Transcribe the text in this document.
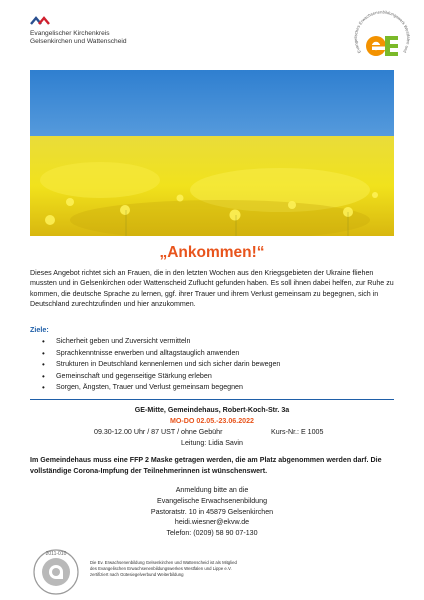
Evangelischer Kirchenkreis
Gelsenkirchen und Wattenscheid
Evangelisches Erwachsenenbildungswerk Westfalen und
„Ankommen!“
Dieses Angebot richtet sich an Frauen, die in den letzten Wochen aus den Kriegsgebieten der Ukraine fliehen mussten und in Gelsenkirchen oder Wattenscheid Zuflucht gefunden haben. Es soll ihnen dabei helfen, zur Ruhe zu kommen, die deutsche Sprache zu lernen, ggf. ihrer Trauer und ihrem Verlust gemeinsam zu begegnen, sich in Deutschland zurechtzufinden und hier anzukommen.
Ziele:
• Sicherheit geben und Zuversicht vermitteln
• Sprachkenntnisse erwerben und alltagstauglich anwenden
• Strukturen in Deutschland kennenlernen und sich sicher darin bewegen
• Gemeinschaft und gegenseitige Stärkung erleben
• Sorgen, Ängsten, Trauer und Verlust gemeinsam begegnen
GE-Mitte, Gemeindehaus, Robert-Koch-Str. 3a
MO-DO 02.05.-23.06.2022
09.30-12.00 Uhr / 87 UST / ohne Gebühr	Kurs-Nr.: E 1005
Leitung: Lidia Savin
Im Gemeindehaus muss eine FFP 2 Maske getragen werden, die am Platz abgenommen werden darf. Die vollständige Corona-Impfung der Teilnehmerinnen ist wünschenswert.
Anmeldung bitte an die
Evangelische Erwachsenenbildung
Pastoratstr. 10 in 45879 Gelsenkirchen
heidi.wiesner@ekvw.de
Telefon: (0209) 58 90 07-130
2011-010
Die Ev. Erwachsenenbildung Gelsenkirchen und Wattenscheid ist als Mitglied des Evangelischen Erwachsenenbildungswerkes Westfalen und Lippe e.V. zertifiziert nach Gütesiegelverbund Weiterbildung
